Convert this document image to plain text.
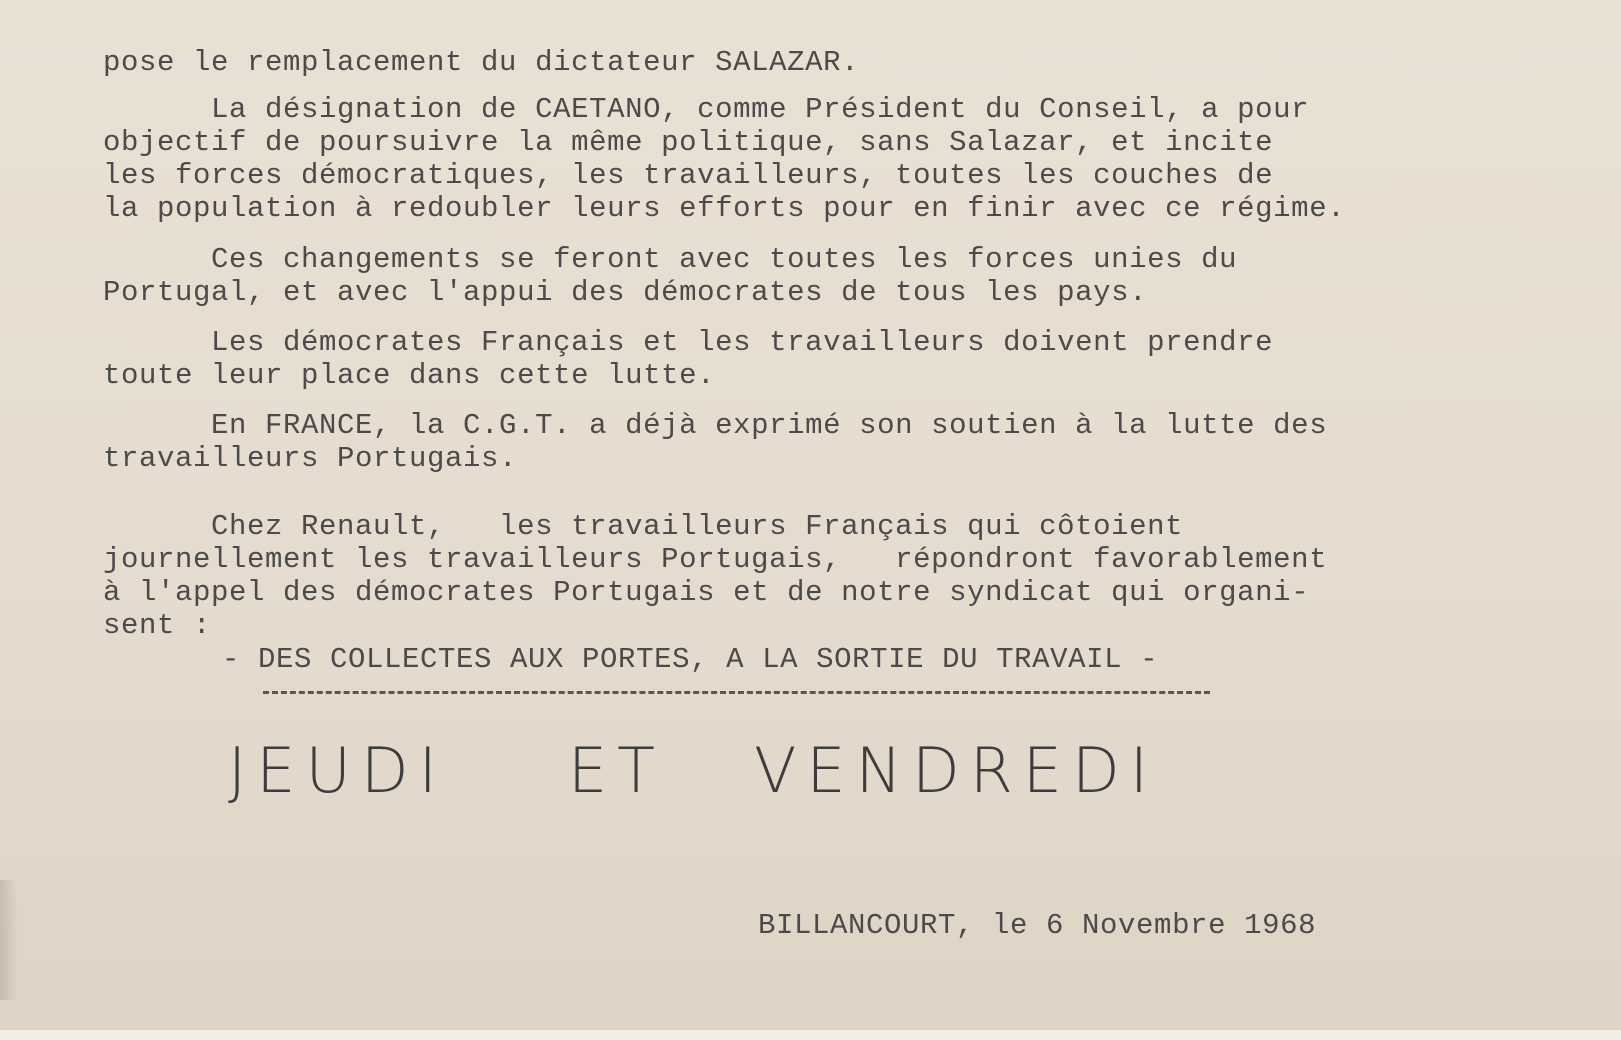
pose le remplacement du dictateur SALAZAR.

La désignation de CAETANO, comme Président du Conseil, a pour

objectif de poursuivre la même politique, sans Salazar, et incite

les forces démocratiques, les travailleurs, toutes les couches de

la population à redoubler leurs efforts pour en finir avec ce régime.

Ces changements se feront avec toutes les forces unies du

Portugal, et avec l'appui des démocrates de tous les pays.

Les démocrates Français et les travailleurs doivent prendre

toute leur place dans cette lutte.

En FRANCE, la C.G.T. a déjà exprimé son soutien à la lutte des

travailleurs Portugais.

Chez Renault,   les travailleurs Français qui côtoient

journellement les travailleurs Portugais,   répondront favorablement

à l'appel des démocrates Portugais et de notre syndicat qui organi-

sent :

- DES COLLECTES AUX PORTES, A LA SORTIE DU TRAVAIL -

JEUDI ET VENDREDI

BILLANCOURT, le 6 Novembre 1968
